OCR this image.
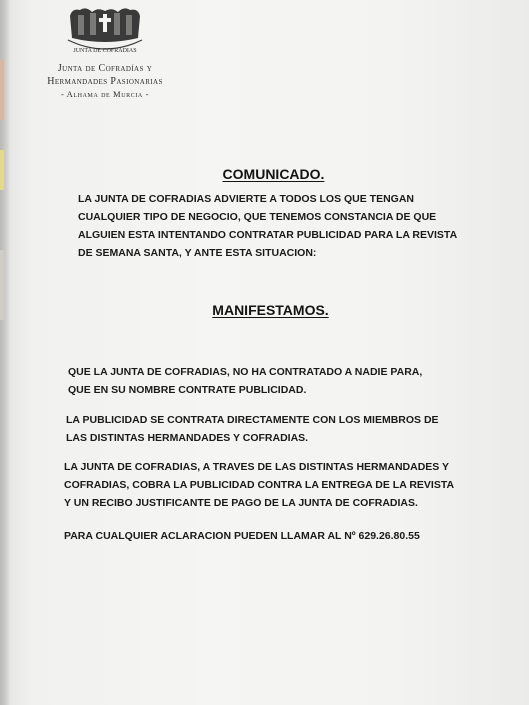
JUNTA DE COFRADIAS
Junta de Cofradías y
Hermandades Pasionarias
- Alhama de Murcia -
COMUNICADO.
LA JUNTA DE COFRADIAS ADVIERTE A TODOS LOS QUE TENGAN
CUALQUIER TIPO DE NEGOCIO, QUE TENEMOS CONSTANCIA DE QUE
ALGUIEN ESTA INTENTANDO CONTRATAR PUBLICIDAD PARA LA REVISTA
DE SEMANA SANTA, Y ANTE ESTA SITUACION:
MANIFESTAMOS.
QUE LA JUNTA DE COFRADIAS, NO HA CONTRATADO A NADIE PARA,
QUE EN SU NOMBRE CONTRATE PUBLICIDAD.
LA PUBLICIDAD SE CONTRATA DIRECTAMENTE CON LOS MIEMBROS DE
LAS DISTINTAS HERMANDADES Y COFRADIAS.
LA JUNTA DE COFRADIAS, A TRAVES DE LAS DISTINTAS HERMANDADES Y
COFRADIAS, COBRA LA PUBLICIDAD CONTRA LA ENTREGA DE LA REVISTA
Y UN RECIBO JUSTIFICANTE DE PAGO DE LA JUNTA DE COFRADIAS.
PARA CUALQUIER ACLARACION PUEDEN LLAMAR AL Nº 629.26.80.55
